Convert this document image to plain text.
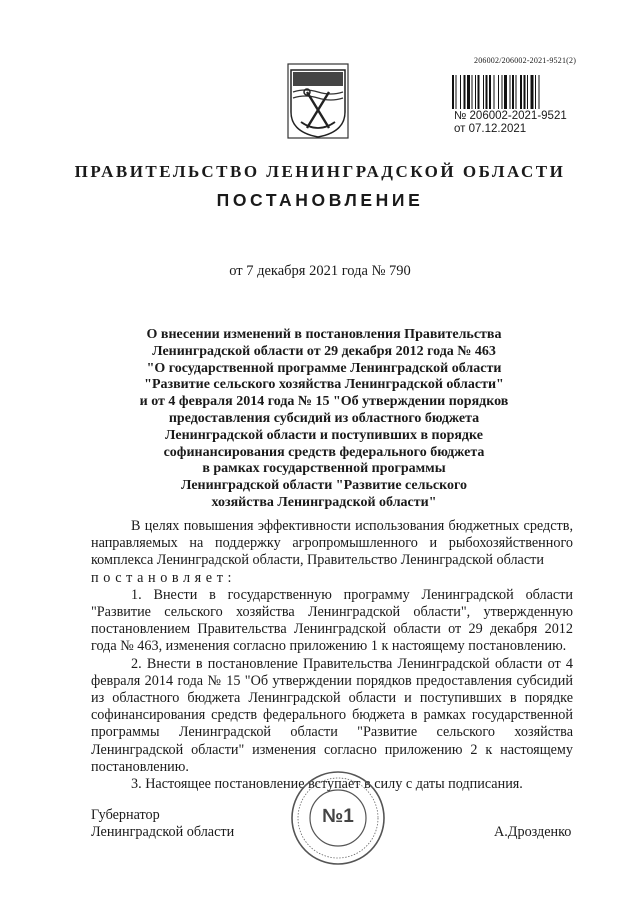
206002/206002-2021-9521(2)
№ 206002-2021-9521
от 07.12.2021
ПРАВИТЕЛЬСТВО ЛЕНИНГРАДСКОЙ ОБЛАСТИ
ПОСТАНОВЛЕНИЕ
от 7 декабря 2021 года № 790
О внесении изменений в постановления Правительства
Ленинградской области от 29 декабря 2012 года № 463
"О государственной программе Ленинградской области
"Развитие сельского хозяйства Ленинградской области"
и от 4 февраля 2014 года № 15 "Об утверждении порядков
предоставления субсидий из областного бюджета
Ленинградской области и поступивших в порядке
софинансирования средств федерального бюджета
в рамках государственной программы
Ленинградской области "Развитие сельского
хозяйства Ленинградской области"

В целях повышения эффективности использования бюджетных средств, направляемых на поддержку агропромышленного и рыбохозяйственного комплекса Ленинградской области, Правительство Ленинградской области

постановляет:

1. Внести в государственную программу Ленинградской области "Развитие сельского хозяйства Ленинградской области", утвержденную постановлением Правительства Ленинградской области от 29 декабря 2012 года № 463, изменения согласно приложению 1 к настоящему постановлению.

2. Внести в постановление Правительства Ленинградской области от 4 февраля 2014 года № 15 "Об утверждении порядков предоставления субсидий из областного бюджета Ленинградской области и поступивших в порядке софинансирования средств федерального бюджета в рамках государственной программы Ленинградской области "Развитие сельского хозяйства Ленинградской области" изменения согласно приложению 2 к настоящему постановлению.

3. Настоящее постановление вступает в силу с даты подписания.

Губернатор
Ленинградской области	А.Дрозденко
№1
